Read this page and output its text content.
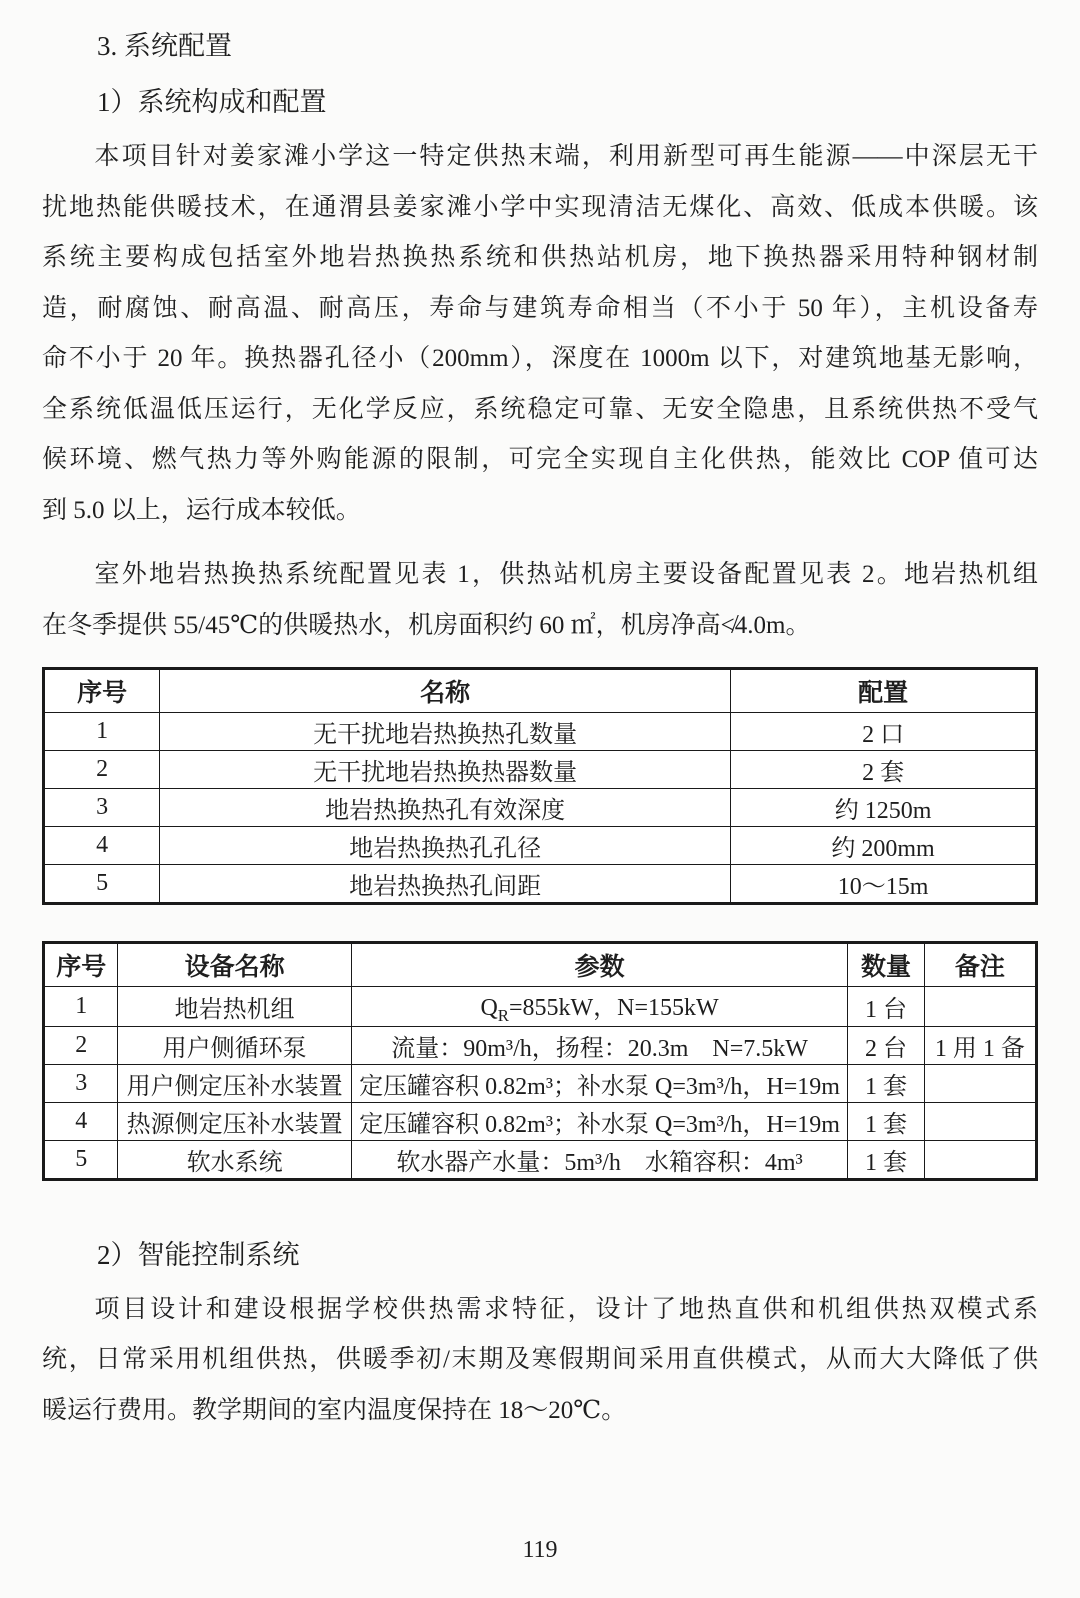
3. 系统配置
1）系统构成和配置
本项目针对姜家滩小学这一特定供热末端，利用新型可再生能源——中深层无干
扰地热能供暖技术，在通渭县姜家滩小学中实现清洁无煤化、高效、低成本供暖。该
系统主要构成包括室外地岩热换热系统和供热站机房，地下换热器采用特种钢材制
造，耐腐蚀、耐高温、耐高压，寿命与建筑寿命相当（不小于 50 年），主机设备寿
命不小于 20 年。换热器孔径小（200mm），深度在 1000m 以下，对建筑地基无影响，
全系统低温低压运行，无化学反应，系统稳定可靠、无安全隐患，且系统供热不受气
候环境、燃气热力等外购能源的限制，可完全实现自主化供热，能效比 COP 值可达
到 5.0 以上，运行成本较低。
室外地岩热换热系统配置见表 1，供热站机房主要设备配置见表 2。地岩热机组
在冬季提供 55/45℃的供暖热水，机房面积约 60 ㎡，机房净高≮4.0m。
序号	名称	配置
1	无干扰地岩热换热孔数量	2 口
2	无干扰地岩热换热器数量	2 套
3	地岩热换热孔有效深度	约 1250m
4	地岩热换热孔孔径	约 200mm
5	地岩热换热孔间距	10～15m
序号	设备名称	参数	数量	备注
1	地岩热机组	$Q_R=855kW$，N=155kW	1 台	
2	用户侧循环泵	流量：90m³/h，扬程：20.3m　N=7.5kW	2 台	1 用 1 备
3	用户侧定压补水装置	定压罐容积 0.82m³；补水泵 Q=3m³/h，H=19m	1 套	
4	热源侧定压补水装置	定压罐容积 0.82m³；补水泵 Q=3m³/h，H=19m	1 套	
5	软水系统	软水器产水量：5m³/h　水箱容积：4m³	1 套	
2）智能控制系统
项目设计和建设根据学校供热需求特征，设计了地热直供和机组供热双模式系
统，日常采用机组供热，供暖季初/末期及寒假期间采用直供模式，从而大大降低了供
暖运行费用。教学期间的室内温度保持在 18～20℃。
119
